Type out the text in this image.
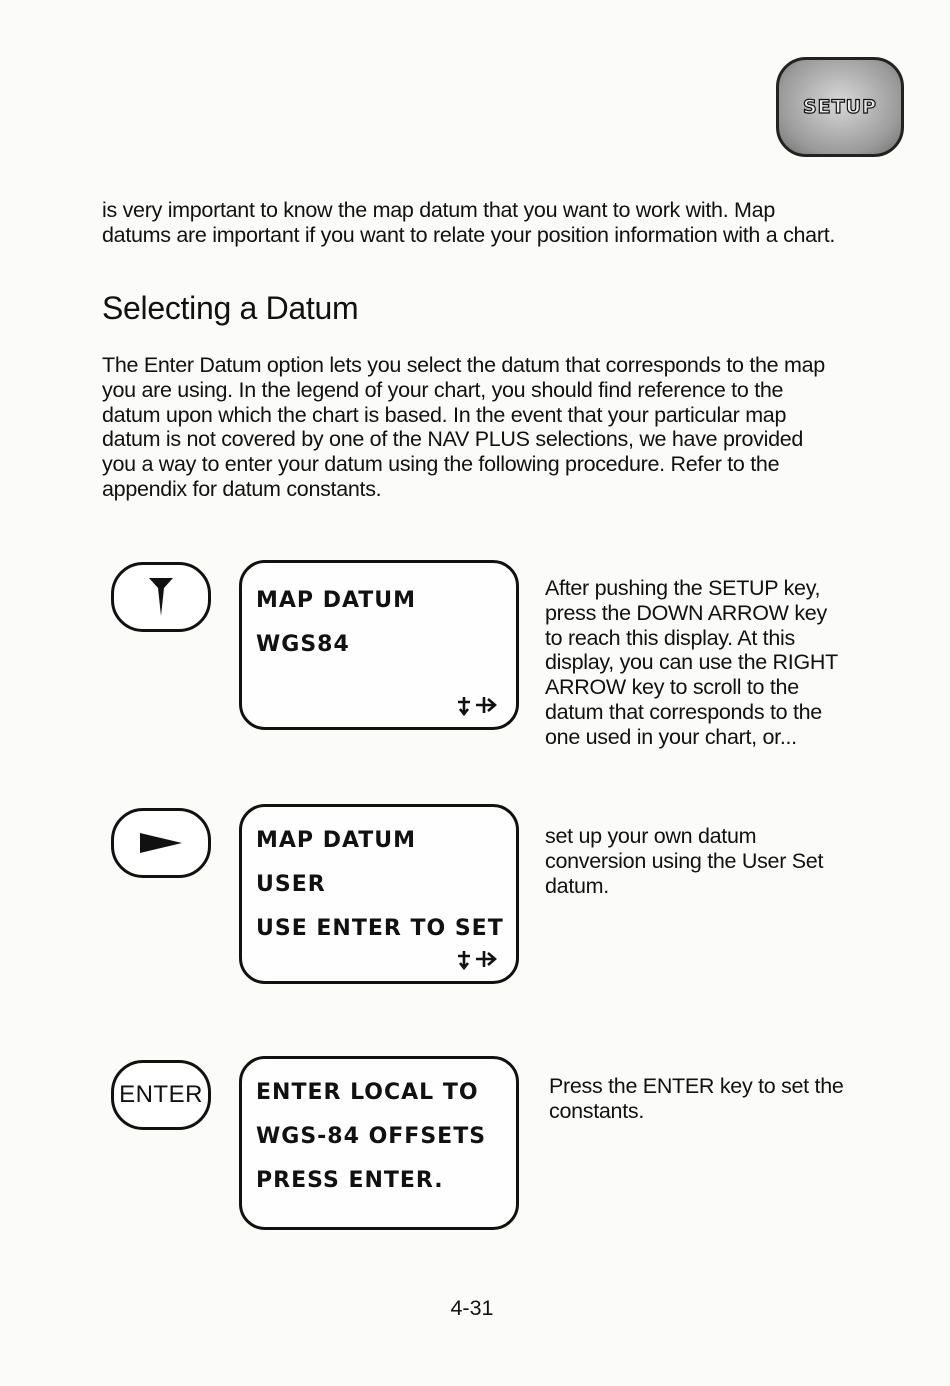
SETUP

is very important to know the map datum that you want to work with. Map datums are important if you want to relate your position information with a chart.

Selecting a Datum

The Enter Datum option lets you select the datum that corresponds to the map you are using. In the legend of your chart, you should find reference to the datum upon which the chart is based. In the event that your particular map datum is not covered by one of the NAV PLUS selections, we have provided you a way to enter your datum using the following procedure. Refer to the appendix for datum constants.

MAP DATUM
WGS84
After pushing the SETUP key, press the DOWN ARROW key to reach this display. At this display, you can use the RIGHT ARROW key to scroll to the datum that corresponds to the one used in your chart, or...
MAP DATUM
USER
USE ENTER TO SET
set up your own datum conversion using the User Set datum.
ENTER ENTER LOCAL TO
WGS-84 OFFSETS
PRESS ENTER.
Press the ENTER key to set the constants.
4-31
